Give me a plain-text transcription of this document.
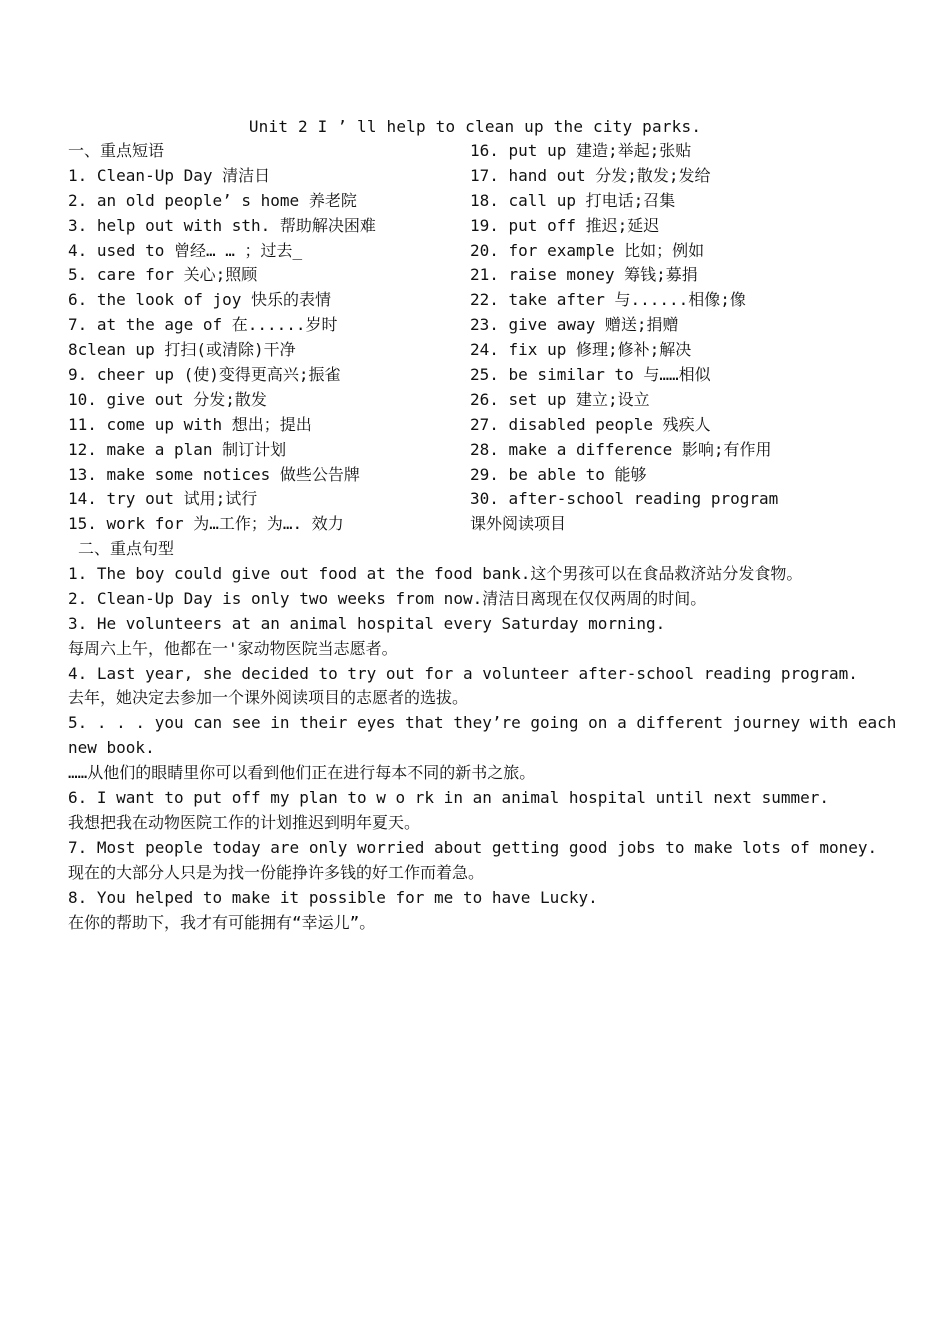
Unit 2 I ’ ll help to clean up the city parks.
一、重点短语
1. Clean-Up Day 清洁日
2. an old people’ s home 养老院
3. help out with sth. 帮助解决困难
4. used to 曾经… … ；过去_
5. care for 关心;照顾
6. the look of joy 快乐的表情
7. at the age of 在......岁时
8clean up 打扫(或清除)干净
9. cheer up (使)变得更高兴;振雀
10. give out 分发;散发
11. come up with 想出；提出
12. make a plan 制订计划
13. make some notices 做些公告牌
14. try out 试用;试行
15. work for 为…工作；为…. 效力
16. put up 建造;举起;张贴
17. hand out 分发;散发;发给
18. call up 打电话;召集
19. put off 推迟;延迟
20. for example 比如；例如
21. raise money 筹钱;募捐
22. take after 与......相像;像
23. give away 赠送;捐赠
24. fix up 修理;修补;解决
25. be similar to 与……相似
26. set up 建立;设立
27. disabled people 残疾人
28. make a difference 影响;有作用
29. be able to 能够
30. after-school reading program
课外阅读项目
二、重点句型
1. The boy could give out food at the food bank.这个男孩可以在食品救济站分发食物。
2. Clean-Up Day is only two weeks from now.清洁日离现在仅仅两周的时间。
3. He volunteers at an animal hospital every Saturday morning.
每周六上午，他都在一'家动物医院当志愿者。
4. Last year, she decided to try out for a volunteer after-school reading program.
去年，她决定去参加一个课外阅读项目的志愿者的选拔。
5. . . . you can see in their eyes that they’re going on a different journey with each
new book.
……从他们的眼睛里你可以看到他们正在进行每本不同的新书之旅。
6. I want to put off my plan to w o rk in an animal hospital until next summer.
我想把我在动物医院工作的计划推迟到明年夏天。
7. Most people today are only worried about getting good jobs to make lots of money.
现在的大部分人只是为找一份能挣许多钱的好工作而着急。
8. You helped to make it possible for me to have Lucky.
在你的帮助下，我才有可能拥有“幸运儿”。
